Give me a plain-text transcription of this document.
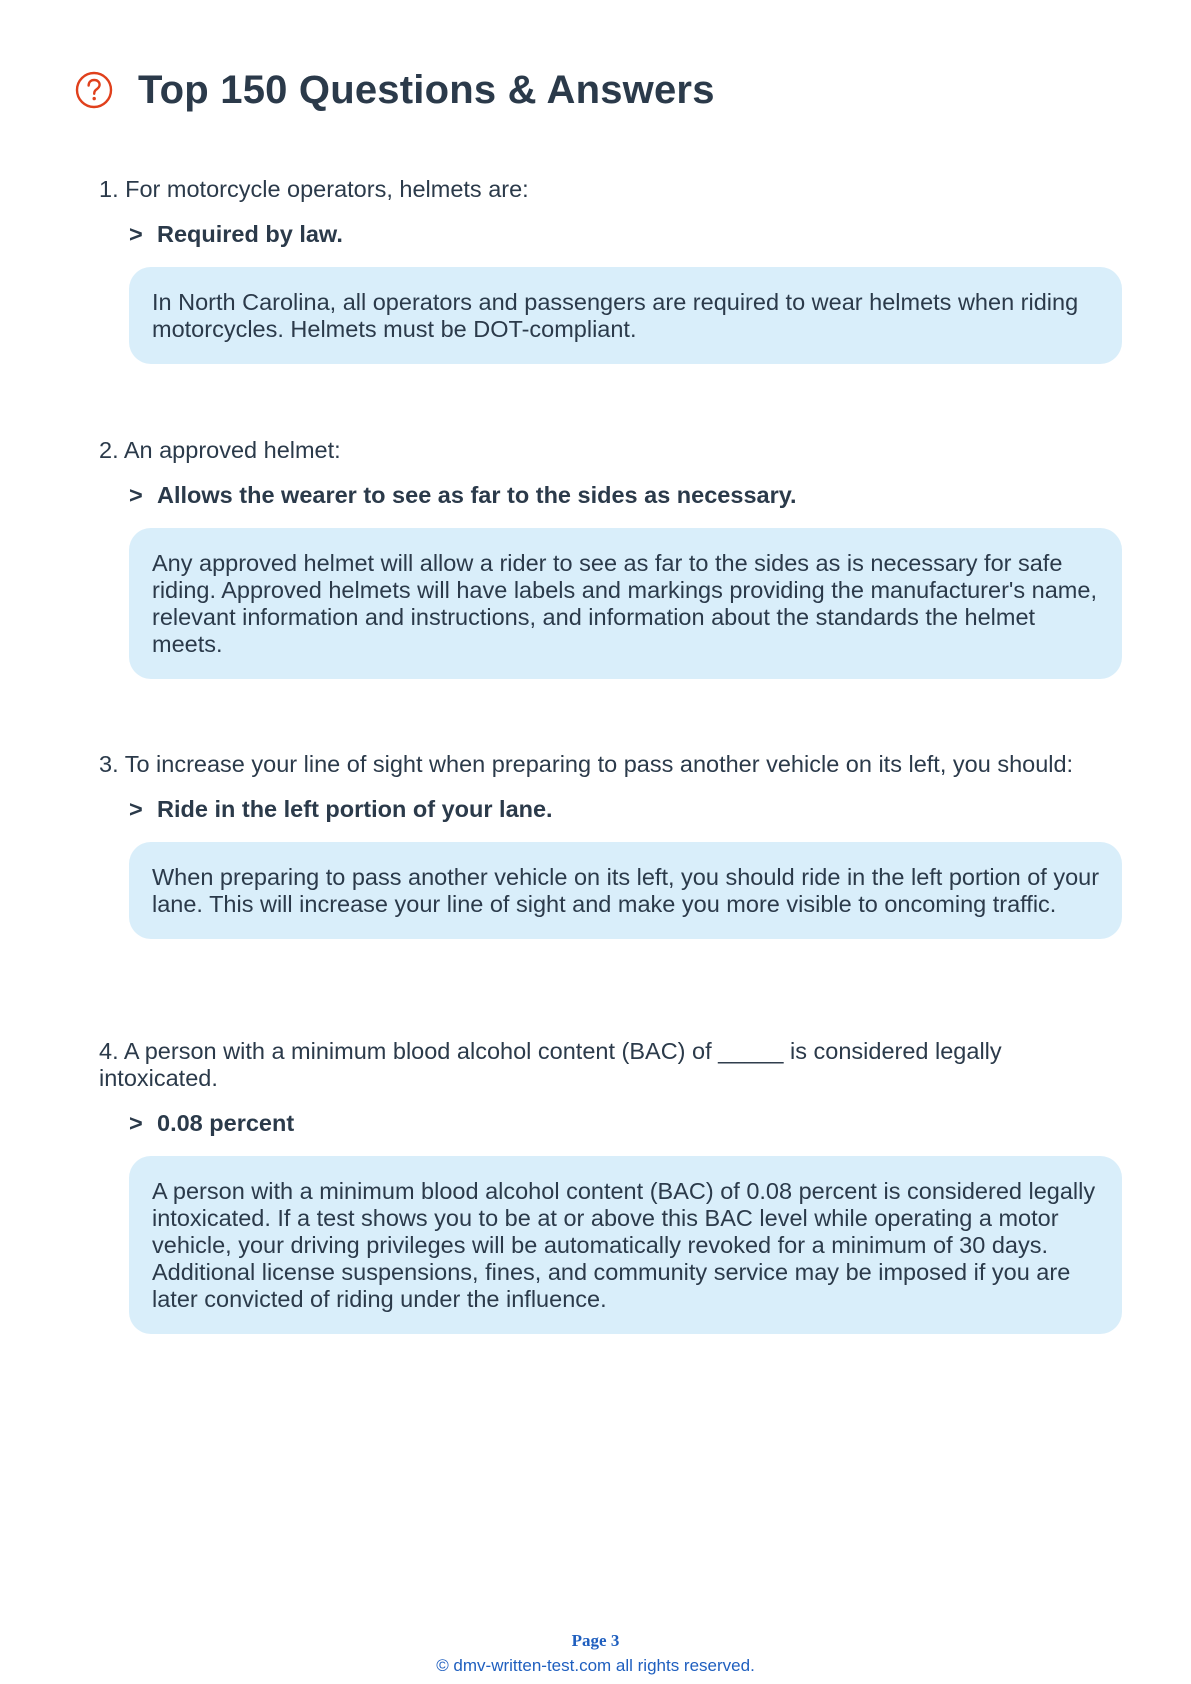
Top 150 Questions & Answers

1. For motorcycle operators, helmets are:

> Required by law.
In North Carolina, all operators and passengers are required to wear helmets when riding motorcycles. Helmets must be DOT-compliant.

2. An approved helmet:

> Allows the wearer to see as far to the sides as necessary.
Any approved helmet will allow a rider to see as far to the sides as is necessary for safe riding. Approved helmets will have labels and markings providing the manufacturer's name, relevant information and instructions, and information about the standards the helmet meets.

3. To increase your line of sight when preparing to pass another vehicle on its left, you should:

> Ride in the left portion of your lane.
When preparing to pass another vehicle on its left, you should ride in the left portion of your lane. This will increase your line of sight and make you more visible to oncoming traffic.

4. A person with a minimum blood alcohol content (BAC) of _____ is considered legally intoxicated.

> 0.08 percent
A person with a minimum blood alcohol content (BAC) of 0.08 percent is considered legally intoxicated. If a test shows you to be at or above this BAC level while operating a motor vehicle, your driving privileges will be automatically revoked for a minimum of 30 days. Additional license suspensions, fines, and community service may be imposed if you are later convicted of riding under the influence.
Page 3
© dmv-written-test.com all rights reserved.
